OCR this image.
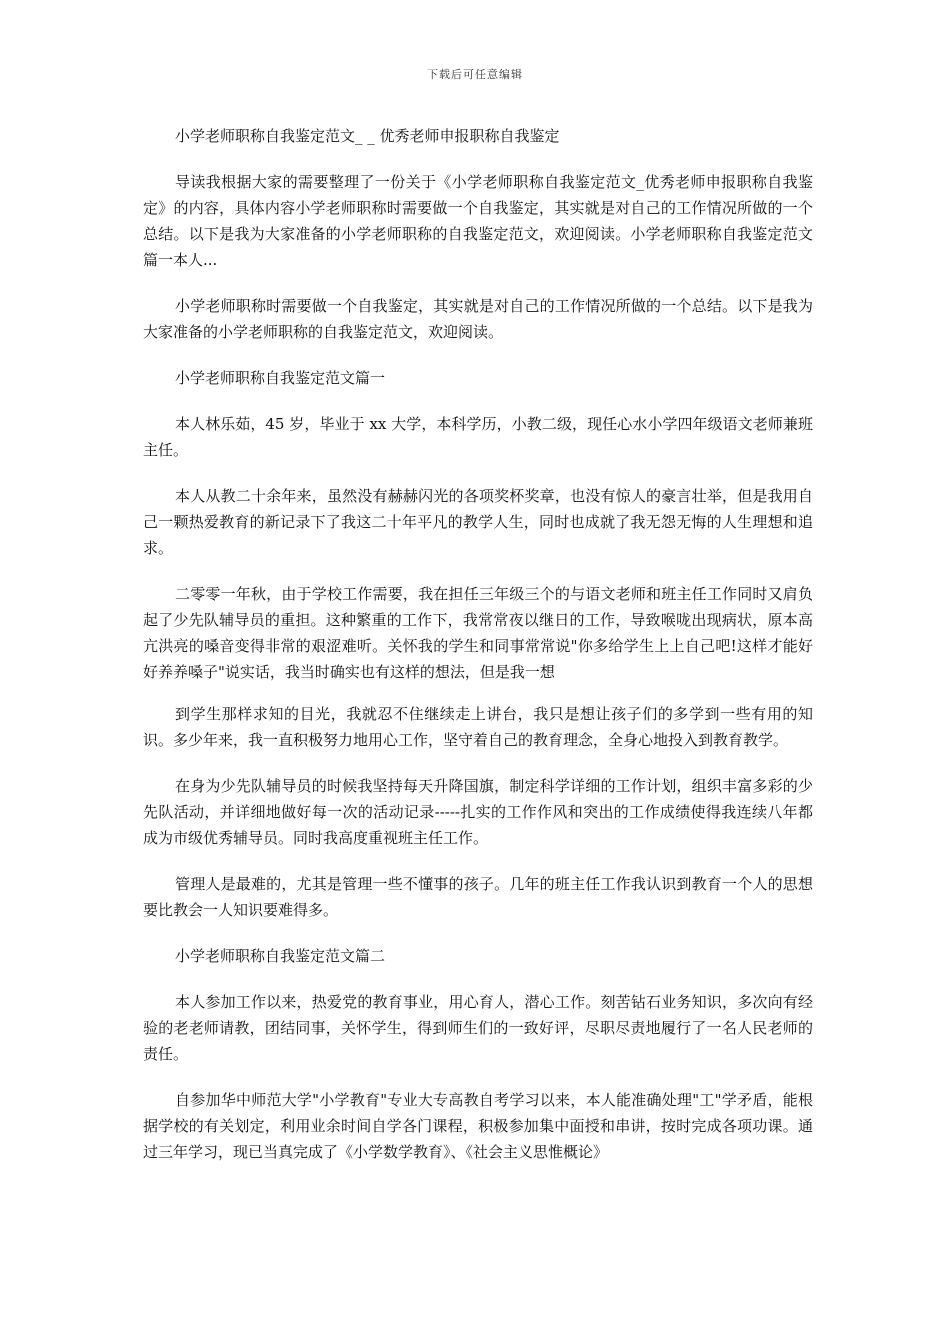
下载后可任意编辑
小学老师职称自我鉴定范文_ _ 优秀老师申报职称自我鉴定

导读我根据大家的需要整理了一份关于《小学老师职称自我鉴定范文_优秀老师申报职称自我鉴定》的内容，具体内容小学老师职称时需要做一个自我鉴定，其实就是对自己的工作情况所做的一个总结。以下是我为大家准备的小学老师职称的自我鉴定范文，欢迎阅读。小学老师职称自我鉴定范文篇一本人...

小学老师职称时需要做一个自我鉴定，其实就是对自己的工作情况所做的一个总结。以下是我为大家准备的小学老师职称的自我鉴定范文，欢迎阅读。

小学老师职称自我鉴定范文篇一

本人林乐茹，45 岁，毕业于 xx 大学，本科学历，小教二级，现任心水小学四年级语文老师兼班主任。

本人从教二十余年来，虽然没有赫赫闪光的各项奖杯奖章，也没有惊人的豪言壮举，但是我用自己一颗热爱教育的新记录下了我这二十年平凡的教学人生，同时也成就了我无怨无悔的人生理想和追求。

二零零一年秋，由于学校工作需要，我在担任三年级三个的与语文老师和班主任工作同时又肩负起了少先队辅导员的重担。这种繁重的工作下，我常常夜以继日的工作，导致喉咙出现病状，原本高亢洪亮的嗓音变得非常的艰涩难听。关怀我的学生和同事常常说"你多给学生上上自己吧!这样才能好好养养嗓子"说实话，我当时确实也有这样的想法，但是我一想

到学生那样求知的目光，我就忍不住继续走上讲台，我只是想让孩子们的多学到一些有用的知识。多少年来，我一直积极努力地用心工作，坚守着自己的教育理念，全身心地投入到教育教学。

在身为少先队辅导员的时候我坚持每天升降国旗，制定科学详细的工作计划，组织丰富多彩的少先队活动，并详细地做好每一次的活动记录-----扎实的工作作风和突出的工作成绩使得我连续八年都成为市级优秀辅导员。同时我高度重视班主任工作。

管理人是最难的，尤其是管理一些不懂事的孩子。几年的班主任工作我认识到教育一个人的思想要比教会一人知识要难得多。

小学老师职称自我鉴定范文篇二

本人参加工作以来，热爱党的教育事业，用心育人，潜心工作。刻苦钻石业务知识，多次向有经验的老老师请教，团结同事，关怀学生，得到师生们的一致好评，尽职尽责地履行了一名人民老师的责任。

自参加华中师范大学"小学教育"专业大专高教自考学习以来，本人能准确处理"工"学矛盾，能根据学校的有关划定，利用业余时间自学各门课程，积极参加集中面授和串讲，按时完成各项功课。通过三年学习，现已当真完成了《小学数学教育》、《社会主义思惟概论》
